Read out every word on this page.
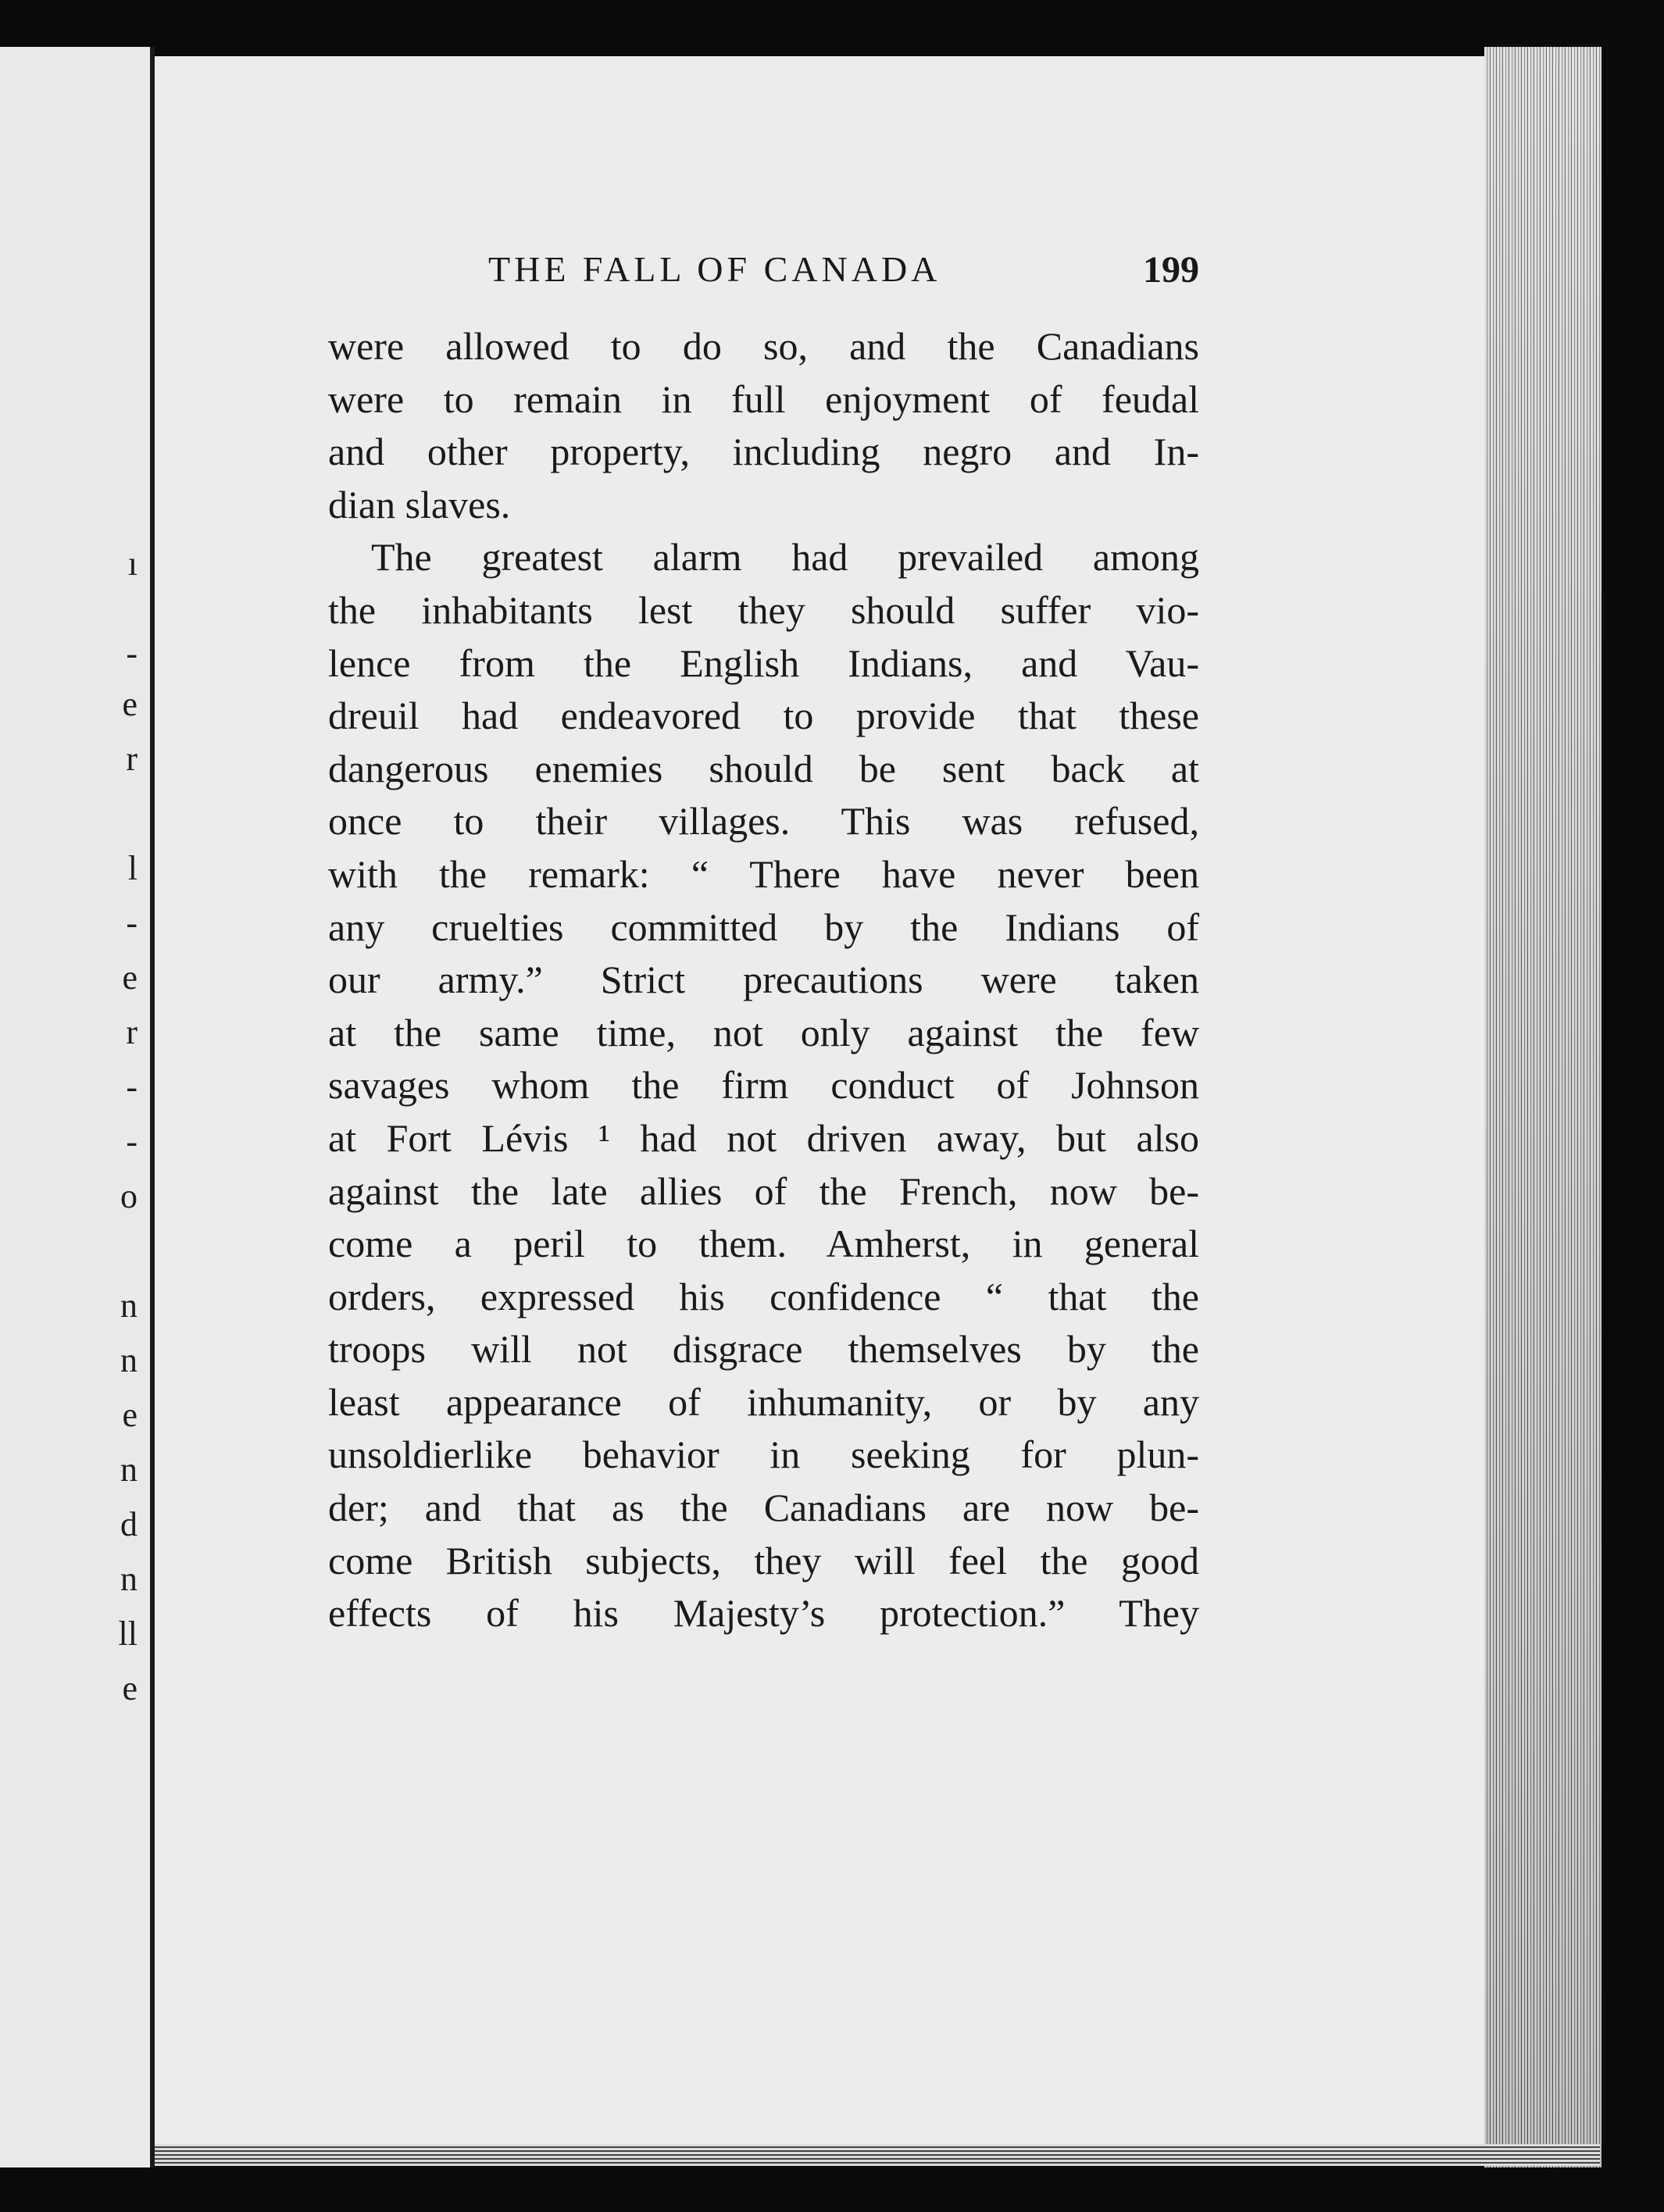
ı
-
e
r
l
-
e
r
-
-
o
n
n
e
n
d
n
ll
e
THE FALL OF CANADA	199
were allowed to do so, and the Canadians
were to remain in full enjoyment of feudal
and other property, including negro and In-
dian slaves.
The greatest alarm had prevailed among
the inhabitants lest they should suffer vio-
lence from the English Indians, and Vau-
dreuil had endeavored to provide that these
dangerous enemies should be sent back at
once to their villages. This was refused,
with the remark: “ There have never been
any cruelties committed by the Indians of
our army.” Strict precautions were taken
at the same time, not only against the few
savages whom the firm conduct of Johnson
at Fort Lévis ¹ had not driven away, but also
against the late allies of the French, now be-
come a peril to them. Amherst, in general
orders, expressed his confidence “ that the
troops will not disgrace themselves by the
least appearance of inhumanity, or by any
unsoldierlike behavior in seeking for plun-
der; and that as the Canadians are now be-
come British subjects, they will feel the good
effects of his Majesty’s protection.” They
